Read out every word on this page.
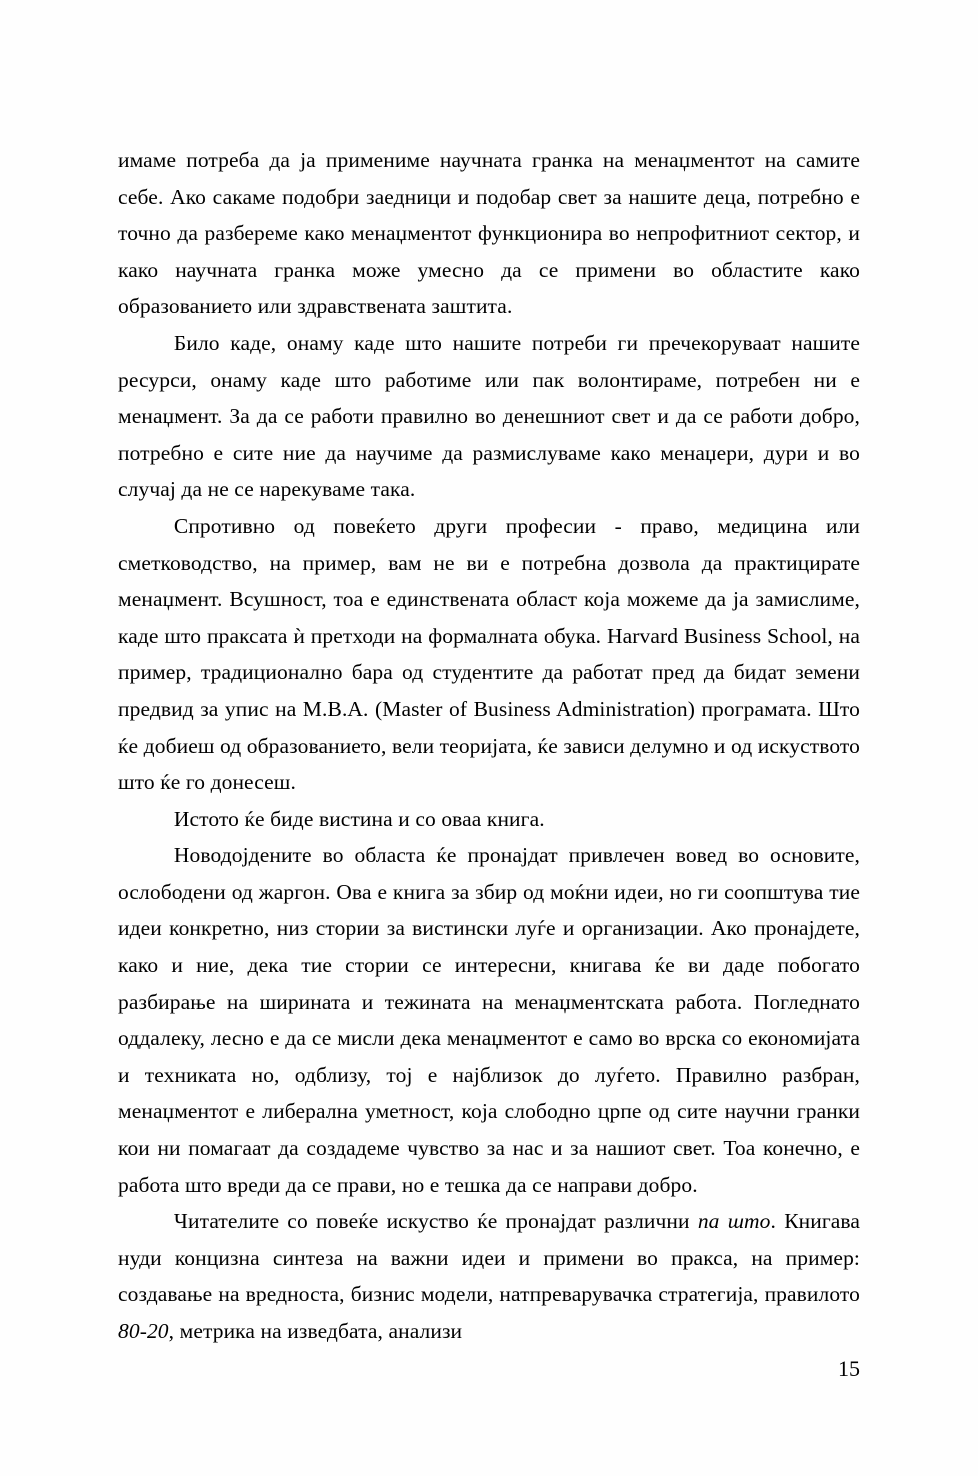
имаме потреба да ја примениме научната гранка на менаџментот на самите себе. Ако сакаме подобри заедници и подобар свет за нашите деца, потребно е точно да разбереме како менаџментот функционира во непрофитниот сектор, и како научната гранка може умесно да се примени во областите како образованието или здравствената заштита.

Било каде, онаму каде што нашите потреби ги пречекоруваат нашите ресурси, онаму каде што работиме или пак волонтираме, потребен ни е менаџмент. За да се работи правилно во денешниот свет и да се работи добро, потребно е сите ние да научиме да размислуваме како менаџери, дури и во случај да не се нарекуваме така.

Спротивно од повеќето други професии - право, медицина или сметководство, на пример, вам не ви е потребна дозвола да практицирате менаџмент. Всушност, тоа е единствената област која можеме да ја замислиме, каде што праксата ѝ претходи на формалната обука. Harvard Business School, на пример, традиционално бара од студентите да работат пред да бидат земени предвид за упис на M.B.A. (Master of Business Administration) програмата. Што ќе добиеш од образованието, вели теоријата, ќе зависи делумно и од искуството што ќе го донесеш.

Истото ќе биде вистина и со оваа книга.

Новодојдените во областа ќе пронајдат привлечен вовед во основите, ослободени од жаргон. Ова е книга за збир од моќни идеи, но ги соопштува тие идеи конкретно, низ стории за вистински луѓе и организации. Ако пронајдете, како и ние, дека тие стории се интересни, книгава ќе ви даде побогато разбирање на ширината и тежината на менаџментската работа. Погледнато оддалеку, лесно е да се мисли дека менаџментот е само во врска со економијата и техниката но, одблизу, тој е најблизок до луѓето. Правилно разбран, менаџментот е либерална уметност, која слободно црпе од сите научни гранки кои ни помагаат да создадеме чувство за нас и за нашиот свет. Тоа конечно, е работа што вреди да се прави, но е тешка да се направи добро.

Читателите со повеќе искуство ќе пронајдат различни па што. Книгава нуди концизна синтеза на важни идеи и примени во пракса, на пример: создавање на вредноста, бизнис модели, натпреварувачка стратегија, правилото 80-20, метрика на изведбата, анализи

15
